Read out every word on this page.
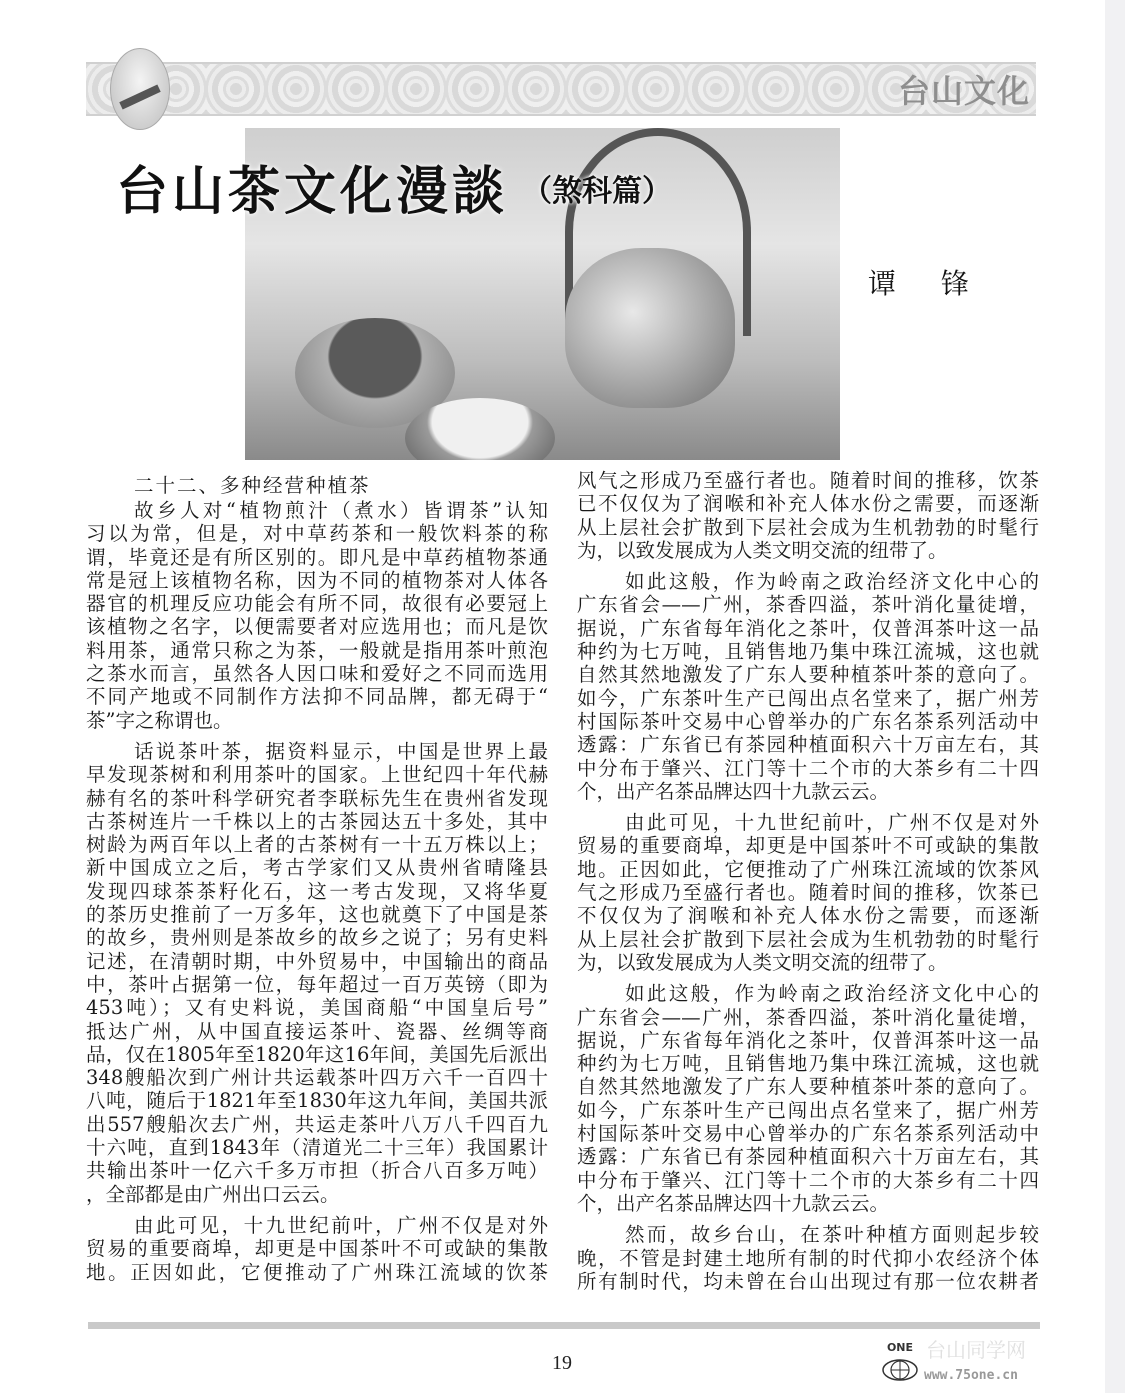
台山文化
台山茶文化漫談 （煞科篇）
谭 锋
二十二、多种经营种植茶
故乡人对“植物煎汁（煮水）皆谓茶”认知
习以为常，但是，对中草药茶和一般饮料茶的称
谓，毕竟还是有所区别的。即凡是中草药植物茶通
常是冠上该植物名称，因为不同的植物茶对人体各
器官的机理反应功能会有所不同，故很有必要冠上
该植物之名字，以便需要者对应选用也；而凡是饮
料用茶，通常只称之为茶，一般就是指用茶叶煎泡
之茶水而言，虽然各人因口味和爱好之不同而选用
不同产地或不同制作方法抑不同品牌，都无碍于“
茶”字之称谓也。
话说茶叶茶，据资料显示，中国是世界上最
早发现茶树和利用茶叶的国家。上世纪四十年代赫
赫有名的茶叶科学研究者李联标先生在贵州省发现
古茶树连片一千株以上的古茶园达五十多处，其中
树龄为两百年以上者的古茶树有一十五万株以上；
新中国成立之后，考古学家们又从贵州省晴隆县
发现四球茶茶籽化石，这一考古发现，又将华夏
的茶历史推前了一万多年，这也就奠下了中国是茶
的故乡，贵州则是茶故乡的故乡之说了；另有史料
记述，在清朝时期，中外贸易中，中国输出的商品
中，茶叶占据第一位，每年超过一百万英镑（即为
453吨）；又有史料说，美国商船“中国皇后号”
抵达广州，从中国直接运茶叶、瓷器、丝绸等商
品，仅在1805年至1820年这16年间，美国先后派出
348艘船次到广州计共运载茶叶四万六千一百四十
八吨，随后于1821年至1830年这九年间，美国共派
出557艘船次去广州，共运走茶叶八万八千四百九
十六吨，直到1843年（清道光二十三年）我国累计
共输出茶叶一亿六千多万市担（折合八百多万吨）
，全部都是由广州出口云云。
由此可见，十九世纪前叶，广州不仅是对外
贸易的重要商埠，却更是中国茶叶不可或缺的集散
地。正因如此，它便推动了广州珠江流域的饮茶
风气之形成乃至盛行者也。随着时间的推移，饮茶
已不仅仅为了润喉和补充人体水份之需要，而逐渐
从上层社会扩散到下层社会成为生机勃勃的时髦行
为，以致发展成为人类文明交流的纽带了。
如此这般，作为岭南之政治经济文化中心的
广东省会——广州，茶香四溢，茶叶消化量徒增，
据说，广东省每年消化之茶叶，仅普洱茶叶这一品
种约为七万吨，且销售地乃集中珠江流城，这也就
自然其然地激发了广东人要种植茶叶茶的意向了。
如今，广东茶叶生产已闯出点名堂来了，据广州芳
村国际茶叶交易中心曾举办的广东名茶系列活动中
透露：广东省已有茶园种植面积六十万亩左右，其
中分布于肇兴、江门等十二个市的大茶乡有二十四
个，出产名茶品牌达四十九款云云。
由此可见，十九世纪前叶，广州不仅是对外
贸易的重要商埠，却更是中国茶叶不可或缺的集散
地。正因如此，它便推动了广州珠江流域的饮茶风
气之形成乃至盛行者也。随着时间的推移，饮茶已
不仅仅为了润喉和补充人体水份之需要，而逐渐
从上层社会扩散到下层社会成为生机勃勃的时髦行
为，以致发展成为人类文明交流的纽带了。
如此这般，作为岭南之政治经济文化中心的
广东省会——广州，茶香四溢，茶叶消化量徒增，
据说，广东省每年消化之茶叶，仅普洱茶叶这一品
种约为七万吨，且销售地乃集中珠江流城，这也就
自然其然地激发了广东人要种植茶叶茶的意向了。
如今，广东茶叶生产已闯出点名堂来了，据广州芳
村国际茶叶交易中心曾举办的广东名茶系列活动中
透露：广东省已有茶园种植面积六十万亩左右，其
中分布于肇兴、江门等十二个市的大茶乡有二十四
个，出产名茶品牌达四十九款云云。
然而，故乡台山，在茶叶种植方面则起步较
晚，不管是封建土地所有制的时代抑小农经济个体
所有制时代，均未曾在台山出现过有那一位农耕者
19
ONE 台山同学网
www.75one.cn
